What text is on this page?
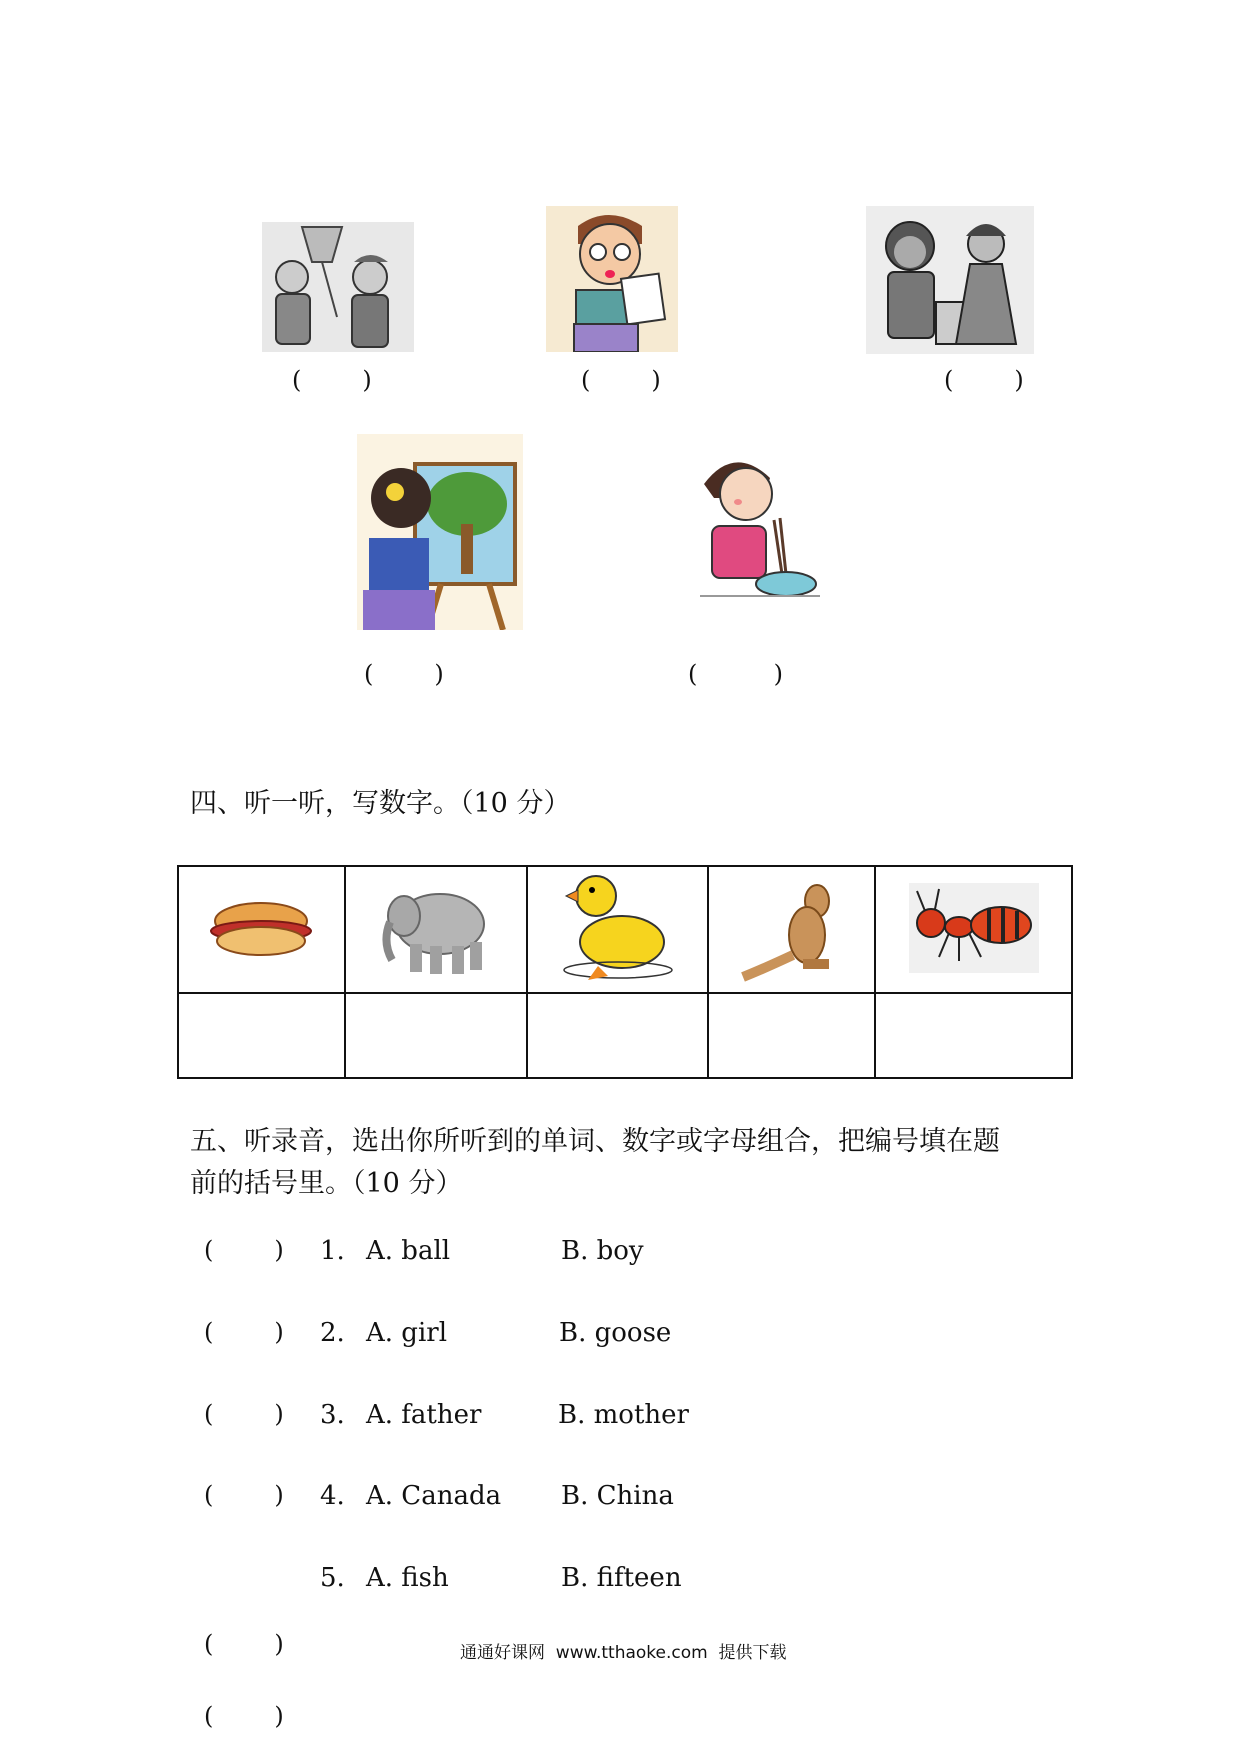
(        )	(        )	(        )
(        )	(          )
四、听一听，写数字。（10 分）

五、听录音，选出你所听到的单词、数字或字母组合，把编号填在题
前的括号里。（10 分）
(        ) 1. A. ball	B. boy
(        ) 2. A. girl	B. goose
(        ) 3. A. father	B. mother
(        ) 4. A. Canada B. China
5. A. fish	B. fifteen
(        )
(        )
通通好课网  www.tthaoke.com  提供下载
